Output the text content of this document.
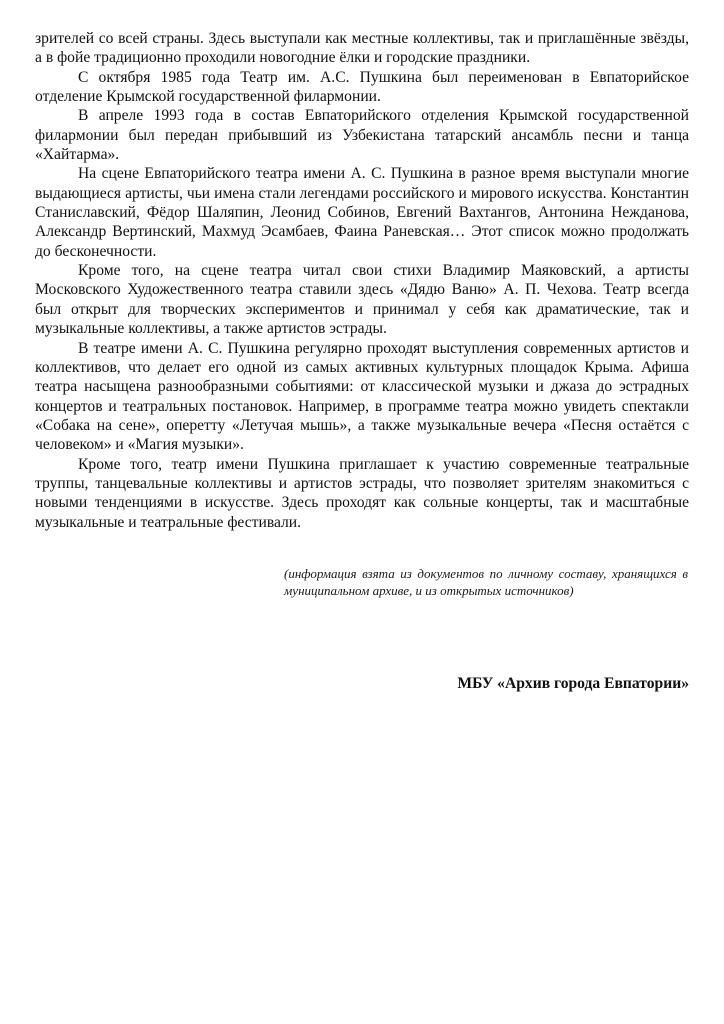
зрителей со всей страны. Здесь выступали как местные коллективы, так и приглашённые звёзды, а в фойе традиционно проходили новогодние ёлки и городские праздники.

С октября 1985 года Театр им. А.С. Пушкина был переименован в Евпаторийское отделение Крымской государственной филармонии.

В апреле 1993 года в состав Евпаторийского отделения Крымской государственной филармонии был передан прибывший из Узбекистана татарский ансамбль песни и танца «Хайтарма».

На сцене Евпаторийского театра имени А. С. Пушкина в разное время выступали многие выдающиеся артисты, чьи имена стали легендами российского и мирового искусства. Константин Станиславский, Фёдор Шаляпин, Леонид Собинов, Евгений Вахтангов, Антонина Нежданова, Александр Вертинский, Махмуд Эсамбаев, Фаина Раневская… Этот список можно продолжать до бесконечности.

Кроме того, на сцене театра читал свои стихи Владимир Маяковский, а артисты Московского Художественного театра ставили здесь «Дядю Ваню» А. П. Чехова. Театр всегда был открыт для творческих экспериментов и принимал у себя как драматические, так и музыкальные коллективы, а также артистов эстрады.

В театре имени А. С. Пушкина регулярно проходят выступления современных артистов и коллективов, что делает его одной из самых активных культурных площадок Крыма. Афиша театра насыщена разнообразными событиями: от классической музыки и джаза до эстрадных концертов и театральных постановок. Например, в программе театра можно увидеть спектакли «Собака на сене», оперетту «Летучая мышь», а также музыкальные вечера «Песня остаётся с человеком» и «Магия музыки».

Кроме того, театр имени Пушкина приглашает к участию современные театральные труппы, танцевальные коллективы и артистов эстрады, что позволяет зрителям знакомиться с новыми тенденциями в искусстве. Здесь проходят как сольные концерты, так и масштабные музыкальные и театральные фестивали.

(информация взята из документов по личному составу, хранящихся в муниципальном архиве, и из открытых источников)

МБУ «Архив города Евпатории»
